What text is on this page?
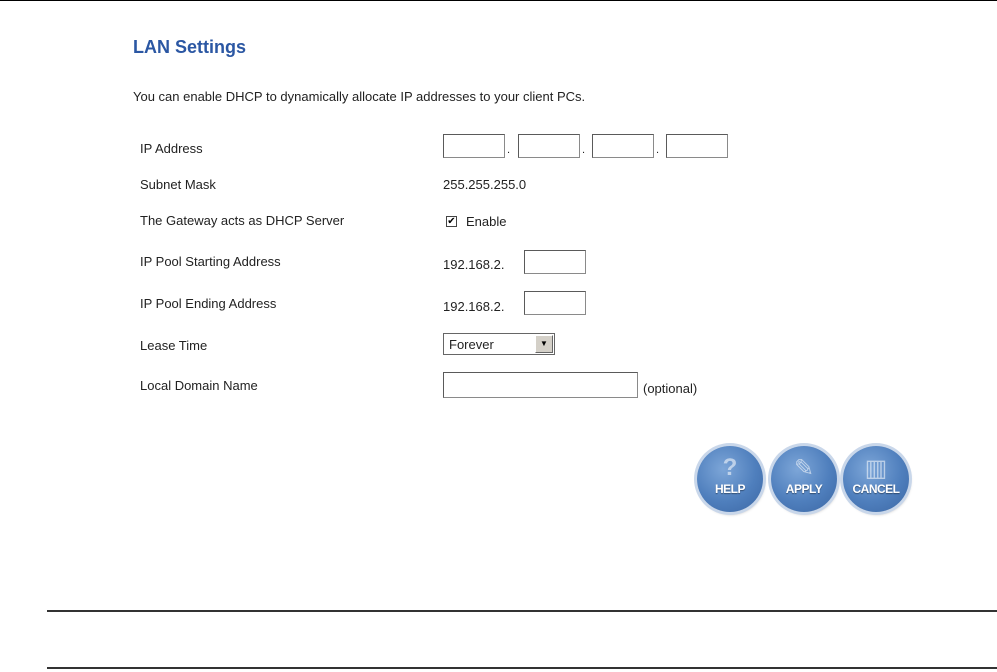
LAN Settings
You can enable DHCP to dynamically allocate IP addresses to your client PCs.
IP Address	.	.	.
Subnet Mask	255.255.255.0
The Gateway acts as DHCP Server	✔ Enable
IP Pool Starting Address	192.168.2.
IP Pool Ending Address	192.168.2.
Lease Time	Forever	▼
Local Domain Name	(optional)
?
HELP
✎
APPLY
▥
CANCEL
